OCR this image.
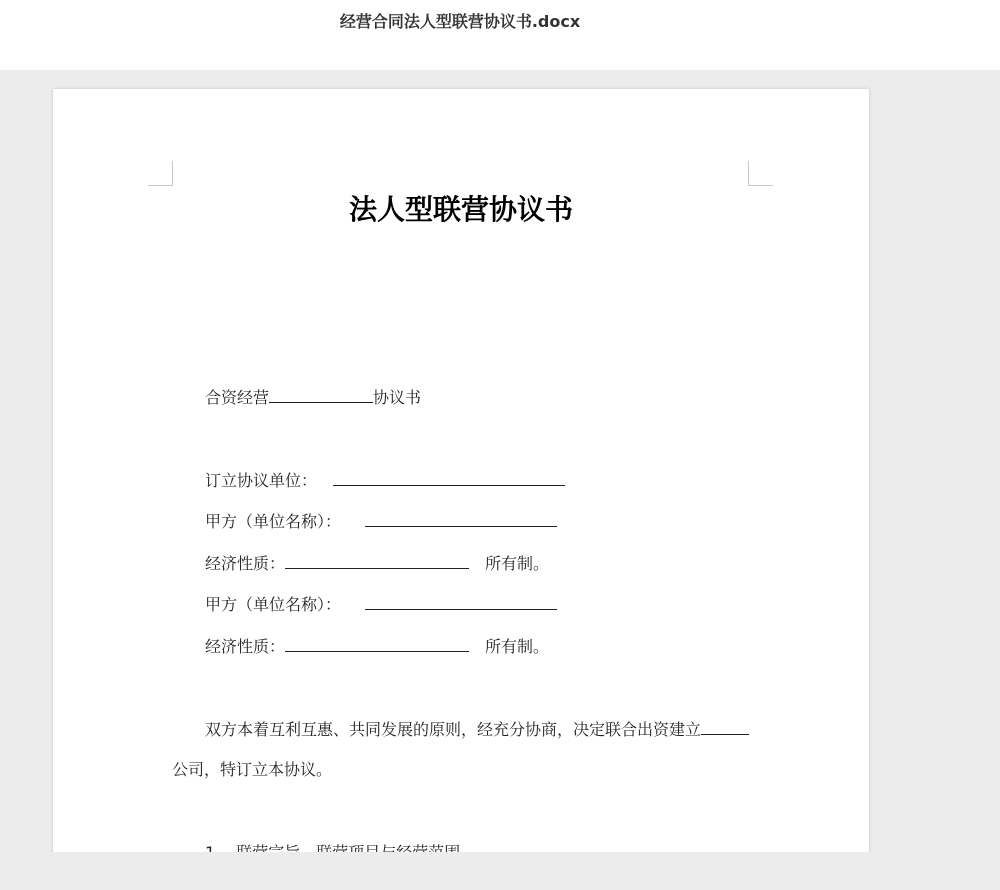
经营合同法人型联营协议书.docx
法人型联营协议书
合资经营	协议书
订立协议单位：
甲方（单位名称）：
经济性质：	所有制。
甲方（单位名称）：
经济性质：	所有制。
双方本着互利互惠、共同发展的原则，经充分协商，决定联合出资建立
公司，特订立本协议。
